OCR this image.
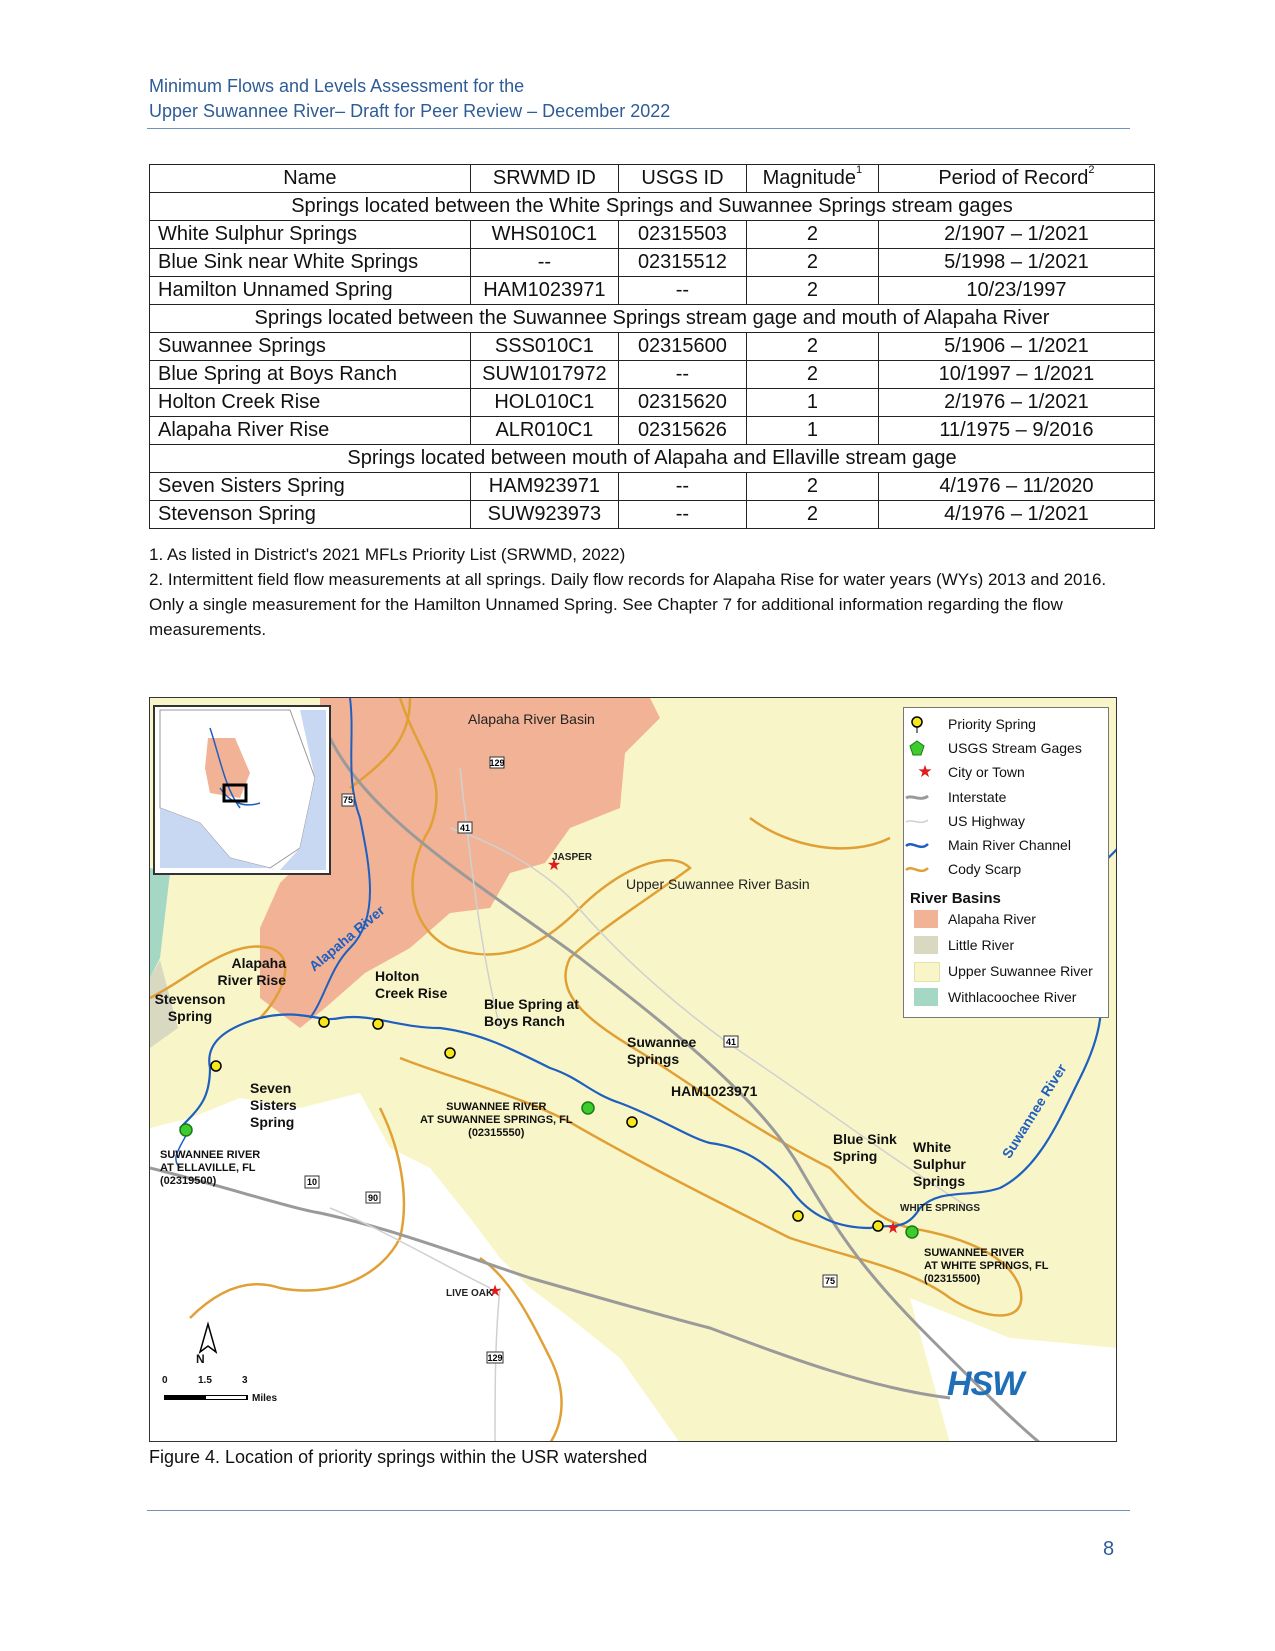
Minimum Flows and Levels Assessment for the
Upper Suwannee River– Draft for Peer Review – December 2022
Name	SRWMD ID	USGS ID	Magnitude$^1$	Period of Record$^2$
Springs located between the White Springs and Suwannee Springs stream gages				
White Sulphur Springs	WHS010C1	02315503	2	2/1907 – 1/2021
Blue Sink near White Springs	--	02315512	2	5/1998 – 1/2021
Hamilton Unnamed Spring	HAM1023971	--	2	10/23/1997
Springs located between the Suwannee Springs stream gage and mouth of Alapaha River				
Suwannee Springs	SSS010C1	02315600	2	5/1906 – 1/2021
Blue Spring at Boys Ranch	SUW1017972	--	2	10/1997 – 1/2021
Holton Creek Rise	HOL010C1	02315620	1	2/1976 – 1/2021
Alapaha River Rise	ALR010C1	02315626	1	11/1975 – 9/2016
Springs located between mouth of Alapaha and Ellaville stream gage				
Seven Sisters Spring	HAM923971	--	2	4/1976 – 11/2020
Stevenson Spring	SUW923973	--	2	4/1976 – 1/2021

1. As listed in District's 2021 MFLs Priority List (SRWMD, 2022)

2. Intermittent field flow measurements at all springs. Daily flow records for Alapaha Rise for water years (WYs) 2013 and 2016. Only a single measurement for the Hamilton Unnamed Spring. See Chapter 7 for additional information regarding the flow measurements.

★
★
★
75
129
41
41
10
90
75
129
Alapaha River Basin
Upper Suwannee River Basin
Alapaha River
Suwannee River
JASPER
LIVE OAK
WHITE SPRINGS
Stevenson Spring
Alapaha River Rise	Holton Creek Rise
Blue Spring at Boys Ranch
Suwannee Springs
HAM1023971
Seven Sisters Spring
Blue Sink Spring
White Sulphur Springs
SUWANNEE RIVER
AT ELLAVILLE, FL
(02319500)
SUWANNEE RIVER
AT SUWANNEE SPRINGS, FL
(02315550)
SUWANNEE RIVER
AT WHITE SPRINGS, FL
(02315500)
Priority Spring
USGS Stream Gages
★	City or Town
Interstate
US Highway
Main River Channel
Cody Scarp
River Basins
Alapaha River
Little River
Upper Suwannee River
Withlacoochee River
N
0	1.5	3
Miles	HSW
Figure 4. Location of priority springs within the USR watershed
8
